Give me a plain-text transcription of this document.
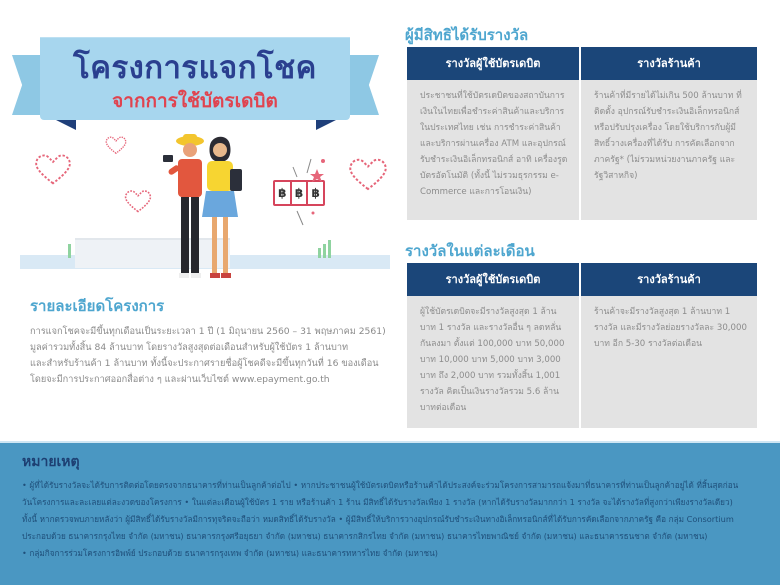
โครงการแจกโชค
จากการใช้บัตรเดบิต
฿ ฿ ฿
รายละเอียดโครงการ
การแจกโชคจะมีขึ้นทุกเดือนเป็นระยะเวลา 1 ปี (1 มิถุนายน 2560 – 31 พฤษภาคม 2561)
มูลค่ารวมทั้งสิ้น 84 ล้านบาท โดยรางวัลสูงสุดต่อเดือนสำหรับผู้ใช้บัตร 1 ล้านบาท
และสำหรับร้านค้า 1 ล้านบาท ทั้งนี้จะประกาศรายชื่อผู้โชคดีจะมีขึ้นทุกวันที่ 16 ของเดือน
โดยจะมีการประกาศออกสื่อต่าง ๆ และผ่านเว็บไซต์ www.epayment.go.th
ผู้มีสิทธิได้รับรางวัล
รางวัลผู้ใช้บัตรเดบิต	รางวัลร้านค้า
ประชาชนที่ใช้บัตรเดบิตของสถาบันการเงินในไทยเพื่อชำระค่าสินค้าและบริการในประเทศไทย เช่น การชำระค่าสินค้าและบริการผ่านเครื่อง ATM และอุปกรณ์รับชำระเงินอิเล็กทรอนิกส์ อาทิ เครื่องรูดบัตรอัตโนมัติ (ทั้งนี้ ไม่รวมธุรกรรม e-Commerce และการโอนเงิน)
ร้านค้าที่มีรายได้ไม่เกิน 500 ล้านบาท ที่ติดตั้ง อุปกรณ์รับชำระเงินอิเล็กทรอนิกส์ หรือปรับปรุงเครื่อง โดยใช้บริการกับผู้มีสิทธิ์วางเครื่องที่ได้รับ การคัดเลือกจากภาครัฐ* (ไม่รวมหน่วยงานภาครัฐ และรัฐวิสาหกิจ)
รางวัลในแต่ละเดือน
รางวัลผู้ใช้บัตรเดบิต	รางวัลร้านค้า
ผู้ใช้บัตรเดบิตจะมีรางวัลสูงสุด 1 ล้านบาท 1 รางวัล และรางวัลอื่น ๆ ลดหลั่นกันลงมา ตั้งแต่ 100,000 บาท 50,000 บาท 10,000 บาท 5,000 บาท 3,000 บาท ถึง 2,000 บาท รวมทั้งสิ้น 1,001 รางวัล คิดเป็นเงินรางวัลรวม 5.6 ล้านบาทต่อเดือน
ร้านค้าจะมีรางวัลสูงสุด 1 ล้านบาท 1 รางวัล และมีรางวัลย่อยรางวัลละ 30,000 บาท อีก 5-30 รางวัลต่อเดือน
หมายเหตุ
• ผู้ที่ได้รับรางวัลจะได้รับการติดต่อโดยตรงจากธนาคารที่ท่านเป็นลูกค้าต่อไป • หากประชาชนผู้ใช้บัตรเดบิตหรือร้านค้าได้ประสงค์จะร่วมโครงการสามารถแจ้งมาที่ธนาคารที่ท่านเป็นลูกค้าอยู่ได้ ที่สิ้นสุดก่อน
วันโครงการและละเลยแต่ละงวดของโครงการ • ในแต่ละเดือนผู้ใช้บัตร 1 ราย หรือร้านค้า 1 ร้าน มีสิทธิ์ได้รับรางวัลเพียง 1 รางวัล (หากได้รับรางวัลมากกว่า 1 รางวัล จะได้รางวัลที่สูงกว่าเพียงรางวัลเดียว)
ทั้งนี้ หากตรวจพบภายหลังว่า ผู้มีสิทธิ์ได้รับรางวัลมีการทุจริตจะถือว่า หมดสิทธิ์ได้รับรางวัล • ผู้มีสิทธิ์ให้บริการวางอุปกรณ์รับชำระเงินทางอิเล็กทรอนิกส์ที่ได้รับการคัดเลือกจากภาครัฐ คือ กลุ่ม Consortium
ประกอบด้วย ธนาคารกรุงไทย จำกัด (มหาชน) ธนาคารกรุงศรีอยุธยา จำกัด (มหาชน) ธนาคารกสิกรไทย จำกัด (มหาชน) ธนาคารไทยพาณิชย์ จำกัด (มหาชน) และธนาคารธนชาต จำกัด (มหาชน)
• กลุ่มกิจการร่วมโครงการอิพพ์ย์ ประกอบด้วย ธนาคารกรุงเทพ จำกัด (มหาชน) และธนาคารทหารไทย จำกัด (มหาชน)
